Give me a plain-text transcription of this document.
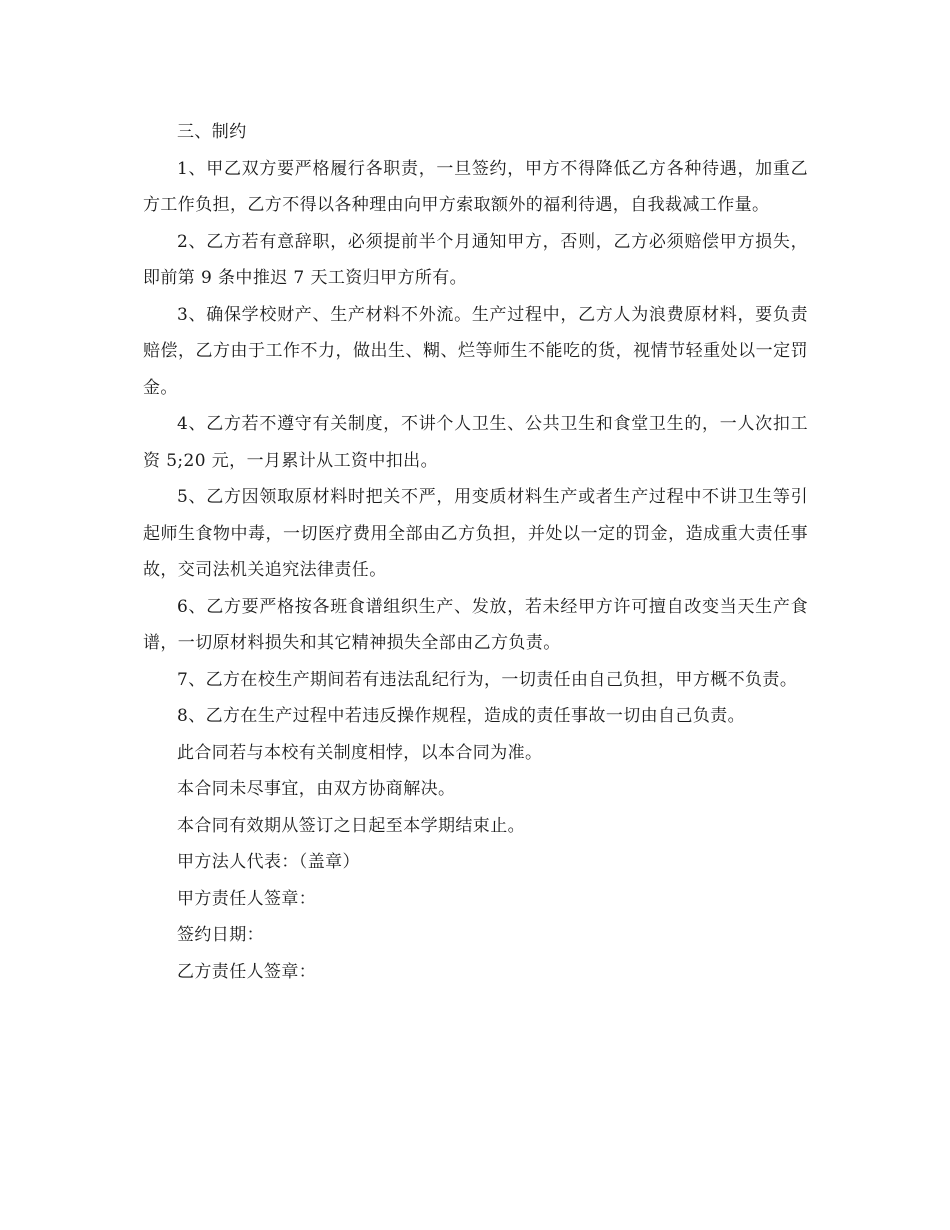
三、制约

1、甲乙双方要严格履行各职责，一旦签约，甲方不得降低乙方各种待遇，加重乙方工作负担，乙方不得以各种理由向甲方索取额外的福利待遇，自我裁减工作量。

2、乙方若有意辞职，必须提前半个月通知甲方，否则，乙方必须赔偿甲方损失，即前第 9 条中推迟 7 天工资归甲方所有。

3、确保学校财产、生产材料不外流。生产过程中，乙方人为浪费原材料，要负责赔偿，乙方由于工作不力，做出生、糊、烂等师生不能吃的货，视情节轻重处以一定罚金。

4、乙方若不遵守有关制度，不讲个人卫生、公共卫生和食堂卫生的，一人次扣工资 5;20 元，一月累计从工资中扣出。

5、乙方因领取原材料时把关不严，用变质材料生产或者生产过程中不讲卫生等引起师生食物中毒，一切医疗费用全部由乙方负担，并处以一定的罚金，造成重大责任事故，交司法机关追究法律责任。

6、乙方要严格按各班食谱组织生产、发放，若未经甲方许可擅自改变当天生产食谱，一切原材料损失和其它精神损失全部由乙方负责。

7、乙方在校生产期间若有违法乱纪行为，一切责任由自己负担，甲方概不负责。

8、乙方在生产过程中若违反操作规程，造成的责任事故一切由自己负责。

此合同若与本校有关制度相悖，以本合同为准。

本合同未尽事宜，由双方协商解决。

本合同有效期从签订之日起至本学期结束止。

甲方法人代表：（盖章）

甲方责任人签章：

签约日期：

乙方责任人签章：
